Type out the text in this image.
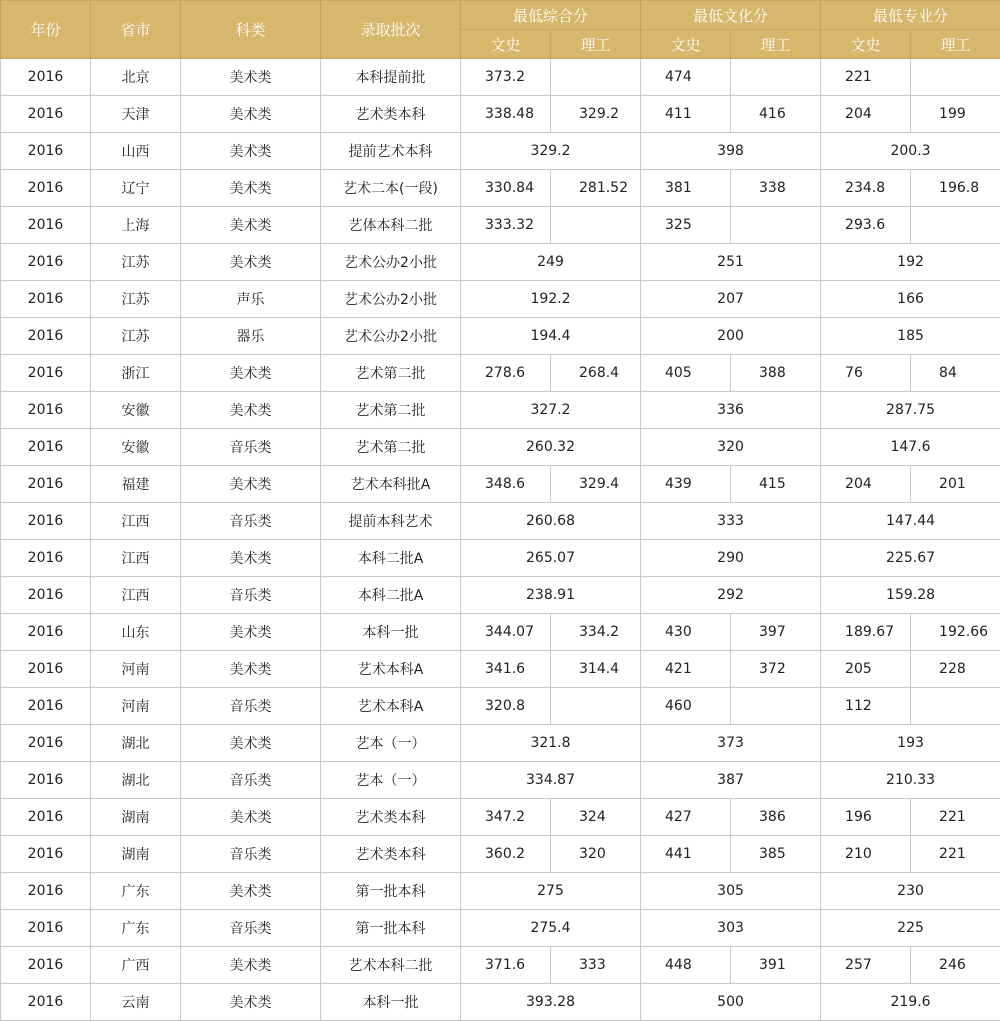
年份	省市	科类	录取批次	最低综合分		最低文化分		最低专业分	
				文史	理工	文史	理工	文史	理工
2016	北京	美术类	本科提前批	373.2		474		221	
2016	天津	美术类	艺术类本科	338.48	329.2	411	416	204	199
2016	山西	美术类	提前艺术本科	329.2		398		200.3	
2016	辽宁	美术类	艺术二本(一段)	330.84	281.52	381	338	234.8	196.8
2016	上海	美术类	艺体本科二批	333.32		325		293.6	
2016	江苏	美术类	艺术公办2小批	249		251		192	
2016	江苏	声乐	艺术公办2小批	192.2		207		166	
2016	江苏	器乐	艺术公办2小批	194.4		200		185	
2016	浙江	美术类	艺术第二批	278.6	268.4	405	388	76	84
2016	安徽	美术类	艺术第二批	327.2		336		287.75	
2016	安徽	音乐类	艺术第二批	260.32		320		147.6	
2016	福建	美术类	艺术本科批A	348.6	329.4	439	415	204	201
2016	江西	音乐类	提前本科艺术	260.68		333		147.44	
2016	江西	美术类	本科二批A	265.07		290		225.67	
2016	江西	音乐类	本科二批A	238.91		292		159.28	
2016	山东	美术类	本科一批	344.07	334.2	430	397	189.67	192.66
2016	河南	美术类	艺术本科A	341.6	314.4	421	372	205	228
2016	河南	音乐类	艺术本科A	320.8		460		112	
2016	湖北	美术类	艺本（一）	321.8		373		193	
2016	湖北	音乐类	艺本（一）	334.87		387		210.33	
2016	湖南	美术类	艺术类本科	347.2	324	427	386	196	221
2016	湖南	音乐类	艺术类本科	360.2	320	441	385	210	221
2016	广东	美术类	第一批本科	275		305		230	
2016	广东	音乐类	第一批本科	275.4		303		225	
2016	广西	美术类	艺术本科二批	371.6	333	448	391	257	246
2016	云南	美术类	本科一批	393.28		500		219.6	
